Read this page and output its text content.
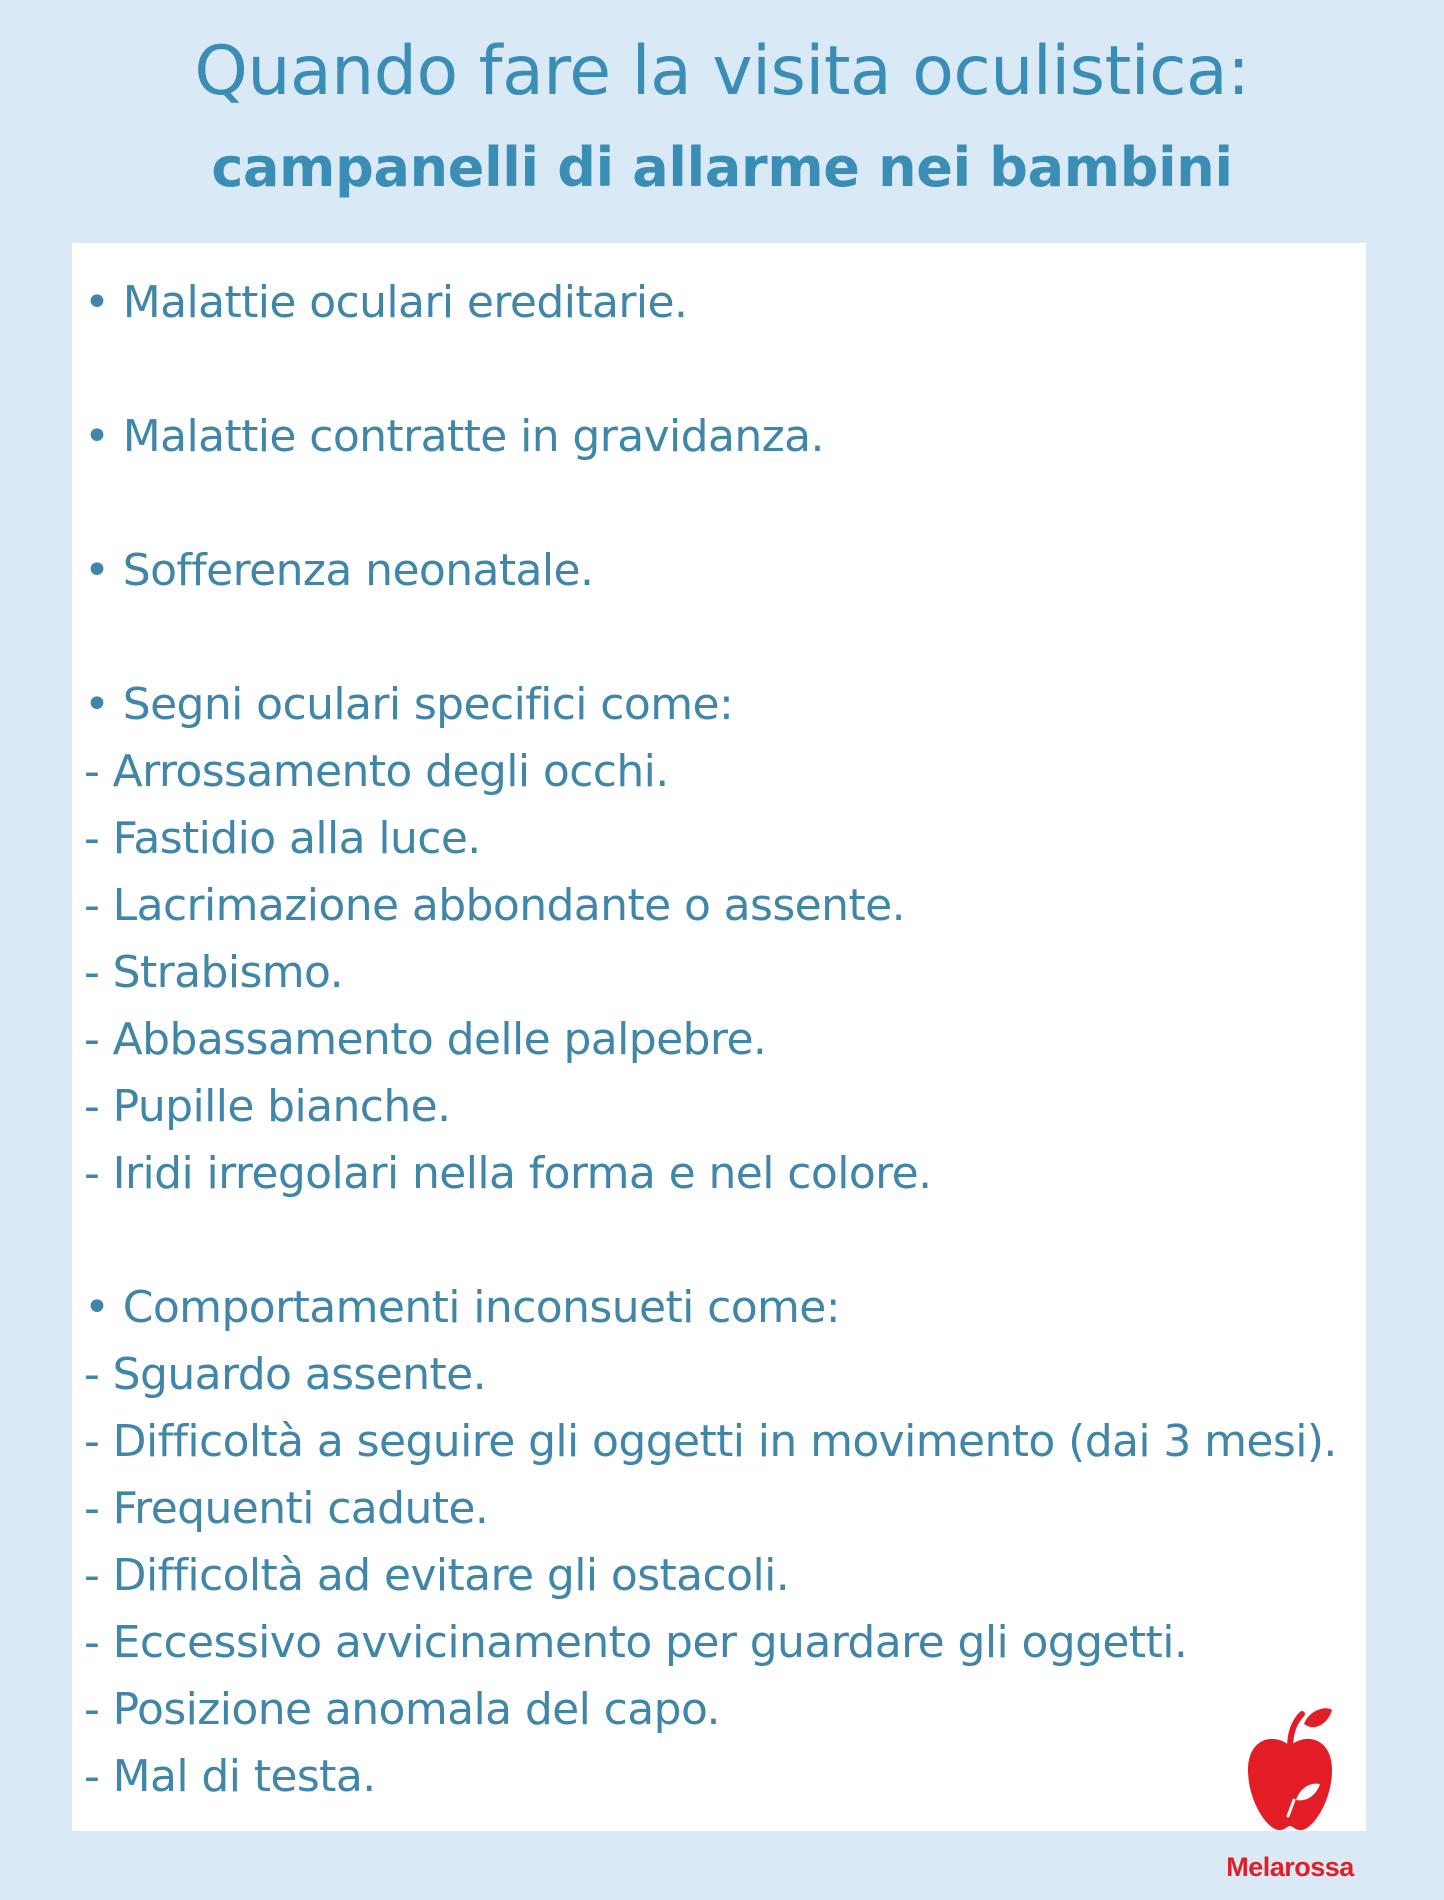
Quando fare la visita oculistica:
campanelli di allarme nei bambini
• Malattie oculari ereditarie.
• Malattie contratte in gravidanza.
• Sofferenza neonatale.
• Segni oculari specifici come:
- Arrossamento degli occhi.
- Fastidio alla luce.
- Lacrimazione abbondante o assente.
- Strabismo.
- Abbassamento delle palpebre.
- Pupille bianche.
- Iridi irregolari nella forma e nel colore.
• Comportamenti inconsueti come:
- Sguardo assente.
- Difficoltà a seguire gli oggetti in movimento (dai 3 mesi).
- Frequenti cadute.
- Difficoltà ad evitare gli ostacoli.
- Eccessivo avvicinamento per guardare gli oggetti.
- Posizione anomala del capo.
- Mal di testa.
Melarossa
